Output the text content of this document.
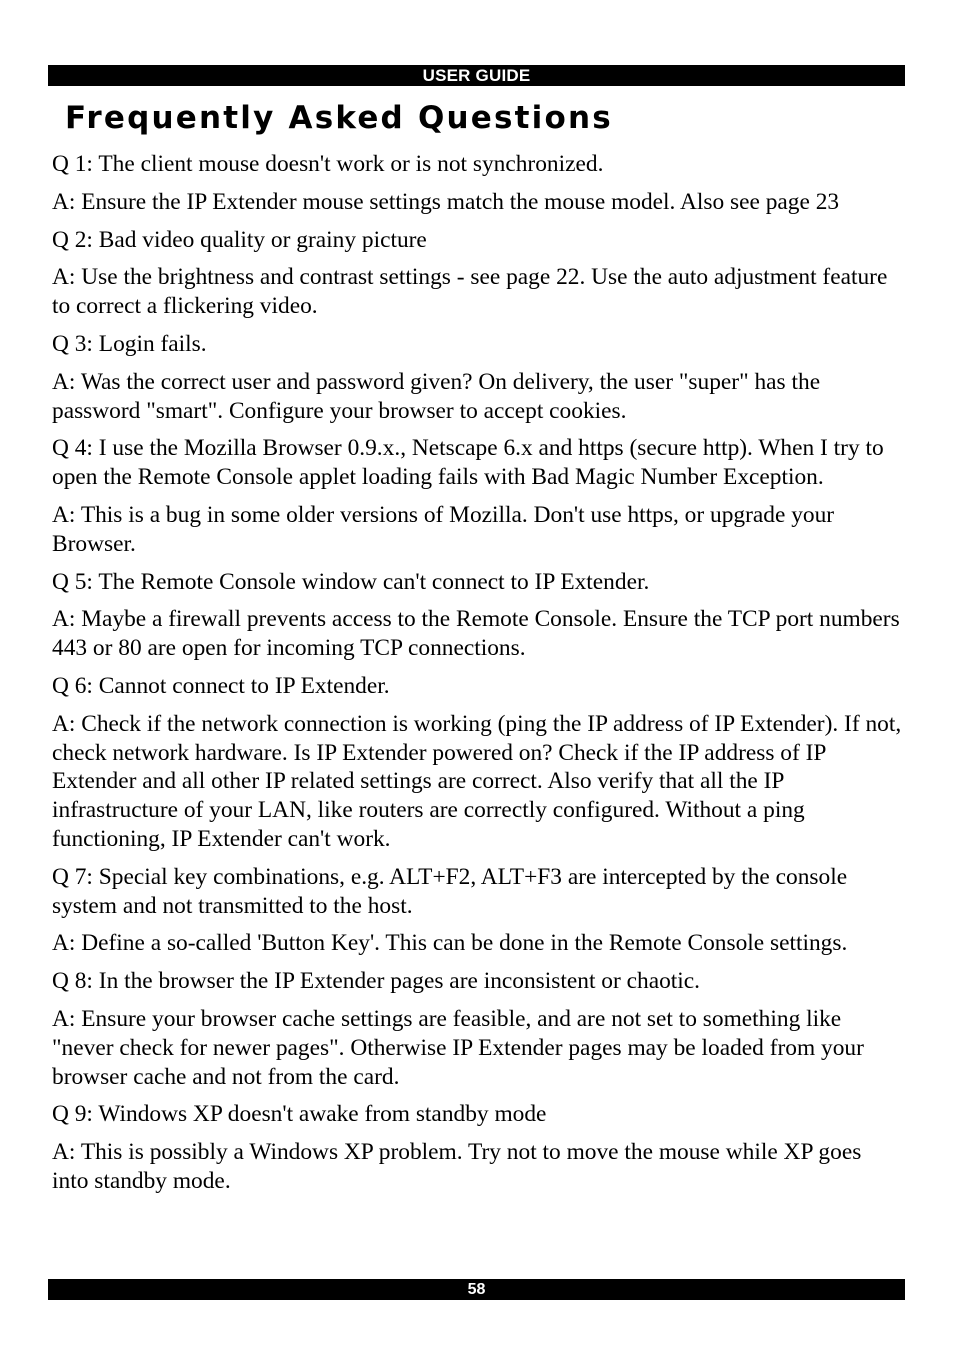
USER GUIDE
Frequently Asked Questions

Q 1: The client mouse doesn't work or is not synchronized.

A: Ensure the IP Extender mouse settings match the mouse model. Also see page 23

Q 2: Bad video quality or grainy picture

A: Use the brightness and contrast settings - see page 22. Use the auto adjustment feature to correct a flickering video.

Q 3: Login fails.

A: Was the correct user and password given? On delivery, the user "super" has the password "smart". Configure your browser to accept cookies.

Q 4: I use the Mozilla Browser 0.9.x., Netscape 6.x and https (secure http). When I try to open the Remote Console applet loading fails with Bad Magic Number Exception.

A: This is a bug in some older versions of Mozilla. Don't use https, or upgrade your Browser.

Q 5: The Remote Console window can't connect to IP Extender.

A: Maybe a firewall prevents access to the Remote Console. Ensure the TCP port numbers 443 or 80 are open for incoming TCP connections.

Q 6: Cannot connect to IP Extender.

A: Check if the network connection is working (ping the IP address of IP Extender). If not, check network hardware. Is IP Extender powered on? Check if the IP address of IP Extender and all other IP related settings are correct. Also verify that all the IP infrastructure of your LAN, like routers are correctly configured. Without a ping functioning, IP Extender can't work.

Q 7: Special key combinations, e.g. ALT+F2, ALT+F3 are intercepted by the console system and not transmitted to the host.

A: Define a so-called 'Button Key'. This can be done in the Remote Console settings.

Q 8: In the browser the IP Extender pages are inconsistent or chaotic.

A: Ensure your browser cache settings are feasible, and are not set to something like "never check for newer pages". Otherwise IP Extender pages may be loaded from your browser cache and not from the card.

Q 9: Windows XP doesn't awake from standby mode

A: This is possibly a Windows XP problem. Try not to move the mouse while XP goes into standby mode.

58
